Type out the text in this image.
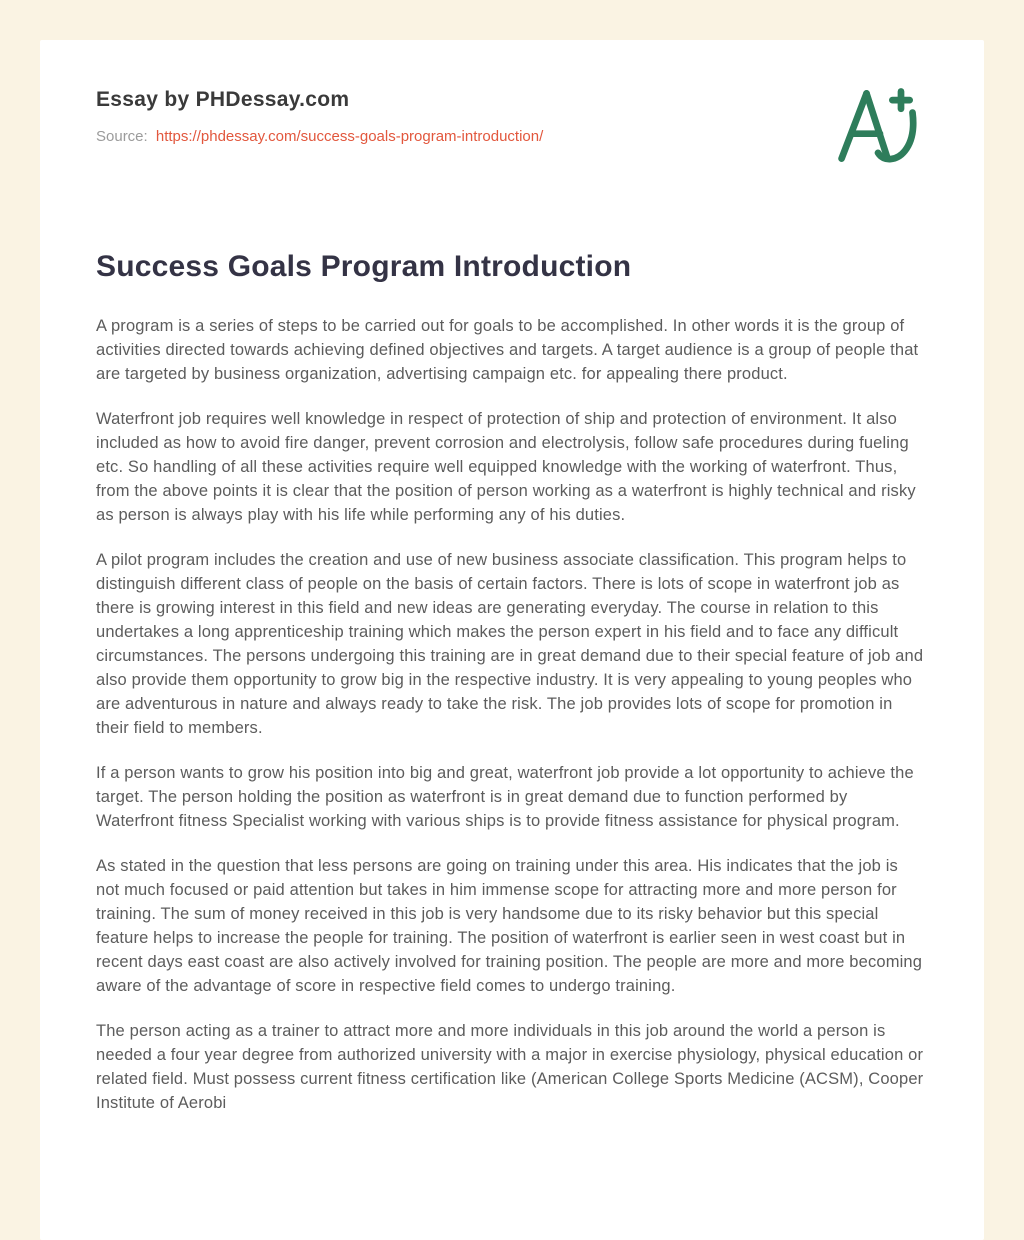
Essay by PHDessay.com

Source: https://phdessay.com/success-goals-program-introduction/

Success Goals Program Introduction

A program is a series of steps to be carried out for goals to be accomplished. In other words it is the group of activities directed towards achieving defined objectives and targets. A target audience is a group of people that are targeted by business organization, advertising campaign etc. for appealing there product.

Waterfront job requires well knowledge in respect of protection of ship and protection of environment. It also included as how to avoid fire danger, prevent corrosion and electrolysis, follow safe procedures during fueling etc. So handling of all these activities require well equipped knowledge with the working of waterfront. Thus, from the above points it is clear that the position of person working as a waterfront is highly technical and risky as person is always play with his life while performing any of his duties.

A pilot program includes the creation and use of new business associate classification. This program helps to distinguish different class of people on the basis of certain factors. There is lots of scope in waterfront job as there is growing interest in this field and new ideas are generating everyday. The course in relation to this undertakes a long apprenticeship training which makes the person expert in his field and to face any difficult circumstances. The persons undergoing this training are in great demand due to their special feature of job and also provide them opportunity to grow big in the respective industry. It is very appealing to young peoples who are adventurous in nature and always ready to take the risk. The job provides lots of scope for promotion in their field to members.

If a person wants to grow his position into big and great, waterfront job provide a lot opportunity to achieve the target. The person holding the position as waterfront is in great demand due to function performed by Waterfront fitness Specialist working with various ships is to provide fitness assistance for physical program.

As stated in the question that less persons are going on training under this area. His indicates that the job is not much focused or paid attention but takes in him immense scope for attracting more and more person for training. The sum of money received in this job is very handsome due to its risky behavior but this special feature helps to increase the people for training. The position of waterfront is earlier seen in west coast but in recent days east coast are also actively involved for training position. The people are more and more becoming aware of the advantage of score in respective field comes to undergo training.

The person acting as a trainer to attract more and more individuals in this job around the world a person is needed a four year degree from authorized university with a major in exercise physiology, physical education or related field. Must possess current fitness certification like (American College Sports Medicine (ACSM), Cooper Institute of Aerobi
